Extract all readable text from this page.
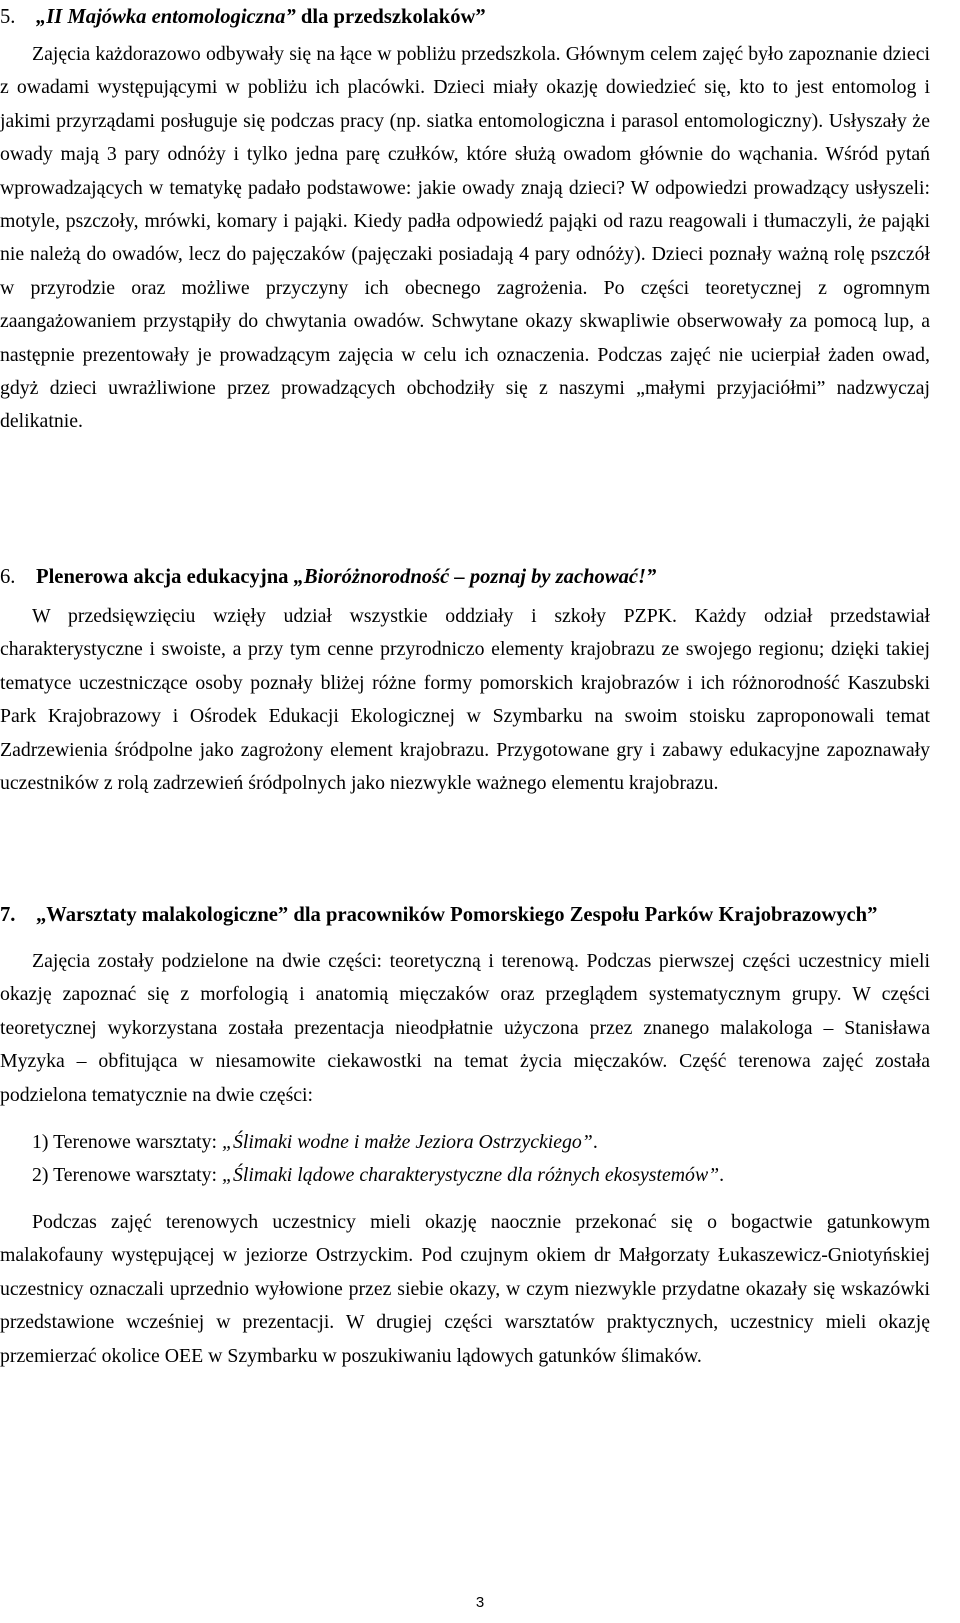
5. „II Majówka entomologiczna” dla przedszkolaków”

Zajęcia każdorazowo odbywały się na łące w pobliżu przedszkola. Głównym celem zajęć było zapoznanie dzieci z owadami występującymi w pobliżu ich placówki. Dzieci miały okazję dowiedzieć się, kto to jest entomolog i jakimi przyrządami posługuje się podczas pracy (np. siatka entomologiczna i parasol entomologiczny). Usłyszały że owady mają 3 pary odnóży i tylko jedna parę czułków, które służą owadom głównie do wąchania. Wśród pytań wprowadzających w tematykę padało podstawowe: jakie owady znają dzieci? W odpowiedzi prowadzący usłyszeli: motyle, pszczoły, mrówki, komary i pająki. Kiedy padła odpowiedź pająki od razu reagowali i tłumaczyli, że pająki nie należą do owadów, lecz do pajęczaków (pajęczaki posiadają 4 pary odnóży). Dzieci poznały ważną rolę pszczół w przyrodzie oraz możliwe przyczyny ich obecnego zagrożenia. Po części teoretycznej z ogromnym zaangażowaniem przystąpiły do chwytania owadów. Schwytane okazy skwapliwie obserwowały za pomocą lup, a następnie prezentowały je prowadzącym zajęcia w celu ich oznaczenia. Podczas zajęć nie ucierpiał żaden owad, gdyż dzieci uwrażliwione przez prowadzących obchodziły się z naszymi „małymi przyjaciółmi” nadzwyczaj delikatnie.

6. Plenerowa akcja edukacyjna „Bioróżnorodność – poznaj by zachować!”

W przedsięwzięciu wzięły udział wszystkie oddziały i szkoły PZPK. Każdy odział przedstawiał charakterystyczne i swoiste, a przy tym cenne przyrodniczo elementy krajobrazu ze swojego regionu; dzięki takiej tematyce uczestniczące osoby poznały bliżej różne formy pomorskich krajobrazów i ich różnorodność Kaszubski Park Krajobrazowy i Ośrodek Edukacji Ekologicznej w Szymbarku na swoim stoisku zaproponowali temat Zadrzewienia śródpolne jako zagrożony element krajobrazu. Przygotowane gry i zabawy edukacyjne zapoznawały uczestników z rolą zadrzewień śródpolnych jako niezwykle ważnego elementu krajobrazu.

7. „Warsztaty malakologiczne” dla pracowników Pomorskiego Zespołu Parków Krajobrazowych”

Zajęcia zostały podzielone na dwie części: teoretyczną i terenową. Podczas pierwszej części uczestnicy mieli okazję zapoznać się z morfologią i anatomią mięczaków oraz przeglądem systematycznym grupy. W części teoretycznej wykorzystana została prezentacja nieodpłatnie użyczona przez znanego malakologa – Stanisława Myzyka – obfitująca w niesamowite ciekawostki na temat życia mięczaków. Część terenowa zajęć została podzielona tematycznie na dwie części:

1) Terenowe warsztaty: „Ślimaki wodne i małże Jeziora Ostrzyckiego”.
2) Terenowe warsztaty: „Ślimaki lądowe charakterystyczne dla różnych ekosystemów”.

Podczas zajęć terenowych uczestnicy mieli okazję naocznie przekonać się o bogactwie gatunkowym malakofauny występującej w jeziorze Ostrzyckim. Pod czujnym okiem dr Małgorzaty Łukaszewicz-Gniotyńskiej uczestnicy oznaczali uprzednio wyłowione przez siebie okazy, w czym niezwykle przydatne okazały się wskazówki przedstawione wcześniej w prezentacji. W drugiej części warsztatów praktycznych, uczestnicy mieli okazję przemierzać okolice OEE w Szymbarku w poszukiwaniu lądowych gatunków ślimaków.

3
